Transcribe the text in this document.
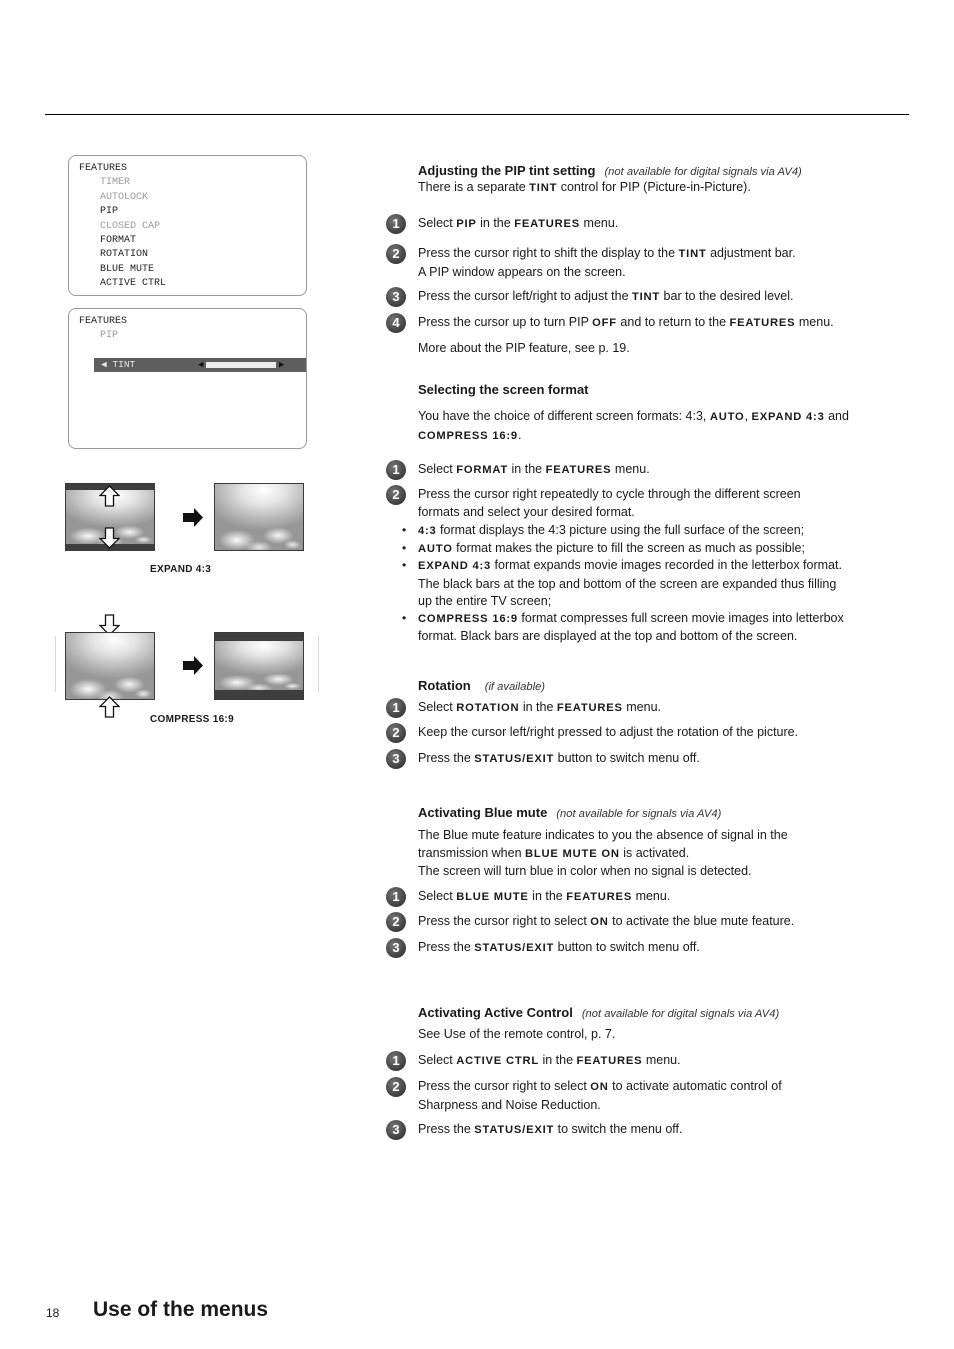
FEATURES
TIMER
AUTOLOCK
PIP
CLOSED CAP
FORMAT
ROTATION
BLUE MUTE
ACTIVE CTRL
FEATURES
PIP
◀ TINT	◀	▶
EXPAND 4:3
COMPRESS 16:9
Adjusting the PIP tint setting (not available for digital signals via AV4)
There is a separate TINT control for PIP (Picture-in-Picture).
1	Select PIP in the FEATURES menu.
2	Press the cursor right to shift the display to the TINT adjustment bar.
A PIP window appears on the screen.
3	Press the cursor left/right to adjust the TINT bar to the desired level.
4	Press the cursor up to turn PIP OFF and to return to the FEATURES menu.
More about the PIP feature, see p. 19.
Selecting the screen format
You have the choice of different screen formats: 4:3, AUTO, EXPAND 4:3 and
COMPRESS 16:9.
1	Select FORMAT in the FEATURES menu.
2	Press the cursor right repeatedly to cycle through the different screen
formats and select your desired format.
• 4:3 format displays the 4:3 picture using the full surface of the screen;
• AUTO format makes the picture to fill the screen as much as possible;
• EXPAND 4:3 format expands movie images recorded in the letterbox format.
The black bars at the top and bottom of the screen are expanded thus filling
up the entire TV screen;
• COMPRESS 16:9 format compresses full screen movie images into letterbox
format. Black bars are displayed at the top and bottom of the screen.
Rotation (if available)
1	Select ROTATION in the FEATURES menu.
2	Keep the cursor left/right pressed to adjust the rotation of the picture.
3	Press the STATUS/EXIT button to switch menu off.
Activating Blue mute (not available for signals via AV4)
The Blue mute feature indicates to you the absence of signal in the
transmission when BLUE MUTE ON is activated.
The screen will turn blue in color when no signal is detected.
1	Select BLUE MUTE in the FEATURES menu.
2	Press the cursor right to select ON to activate the blue mute feature.
3	Press the STATUS/EXIT button to switch menu off.
Activating Active Control (not available for digital signals via AV4)
See Use of the remote control, p. 7.
1	Select ACTIVE CTRL in the FEATURES menu.
2	Press the cursor right to select ON to activate automatic control of
Sharpness and Noise Reduction.
3	Press the STATUS/EXIT to switch the menu off.
18 Use of the menus
